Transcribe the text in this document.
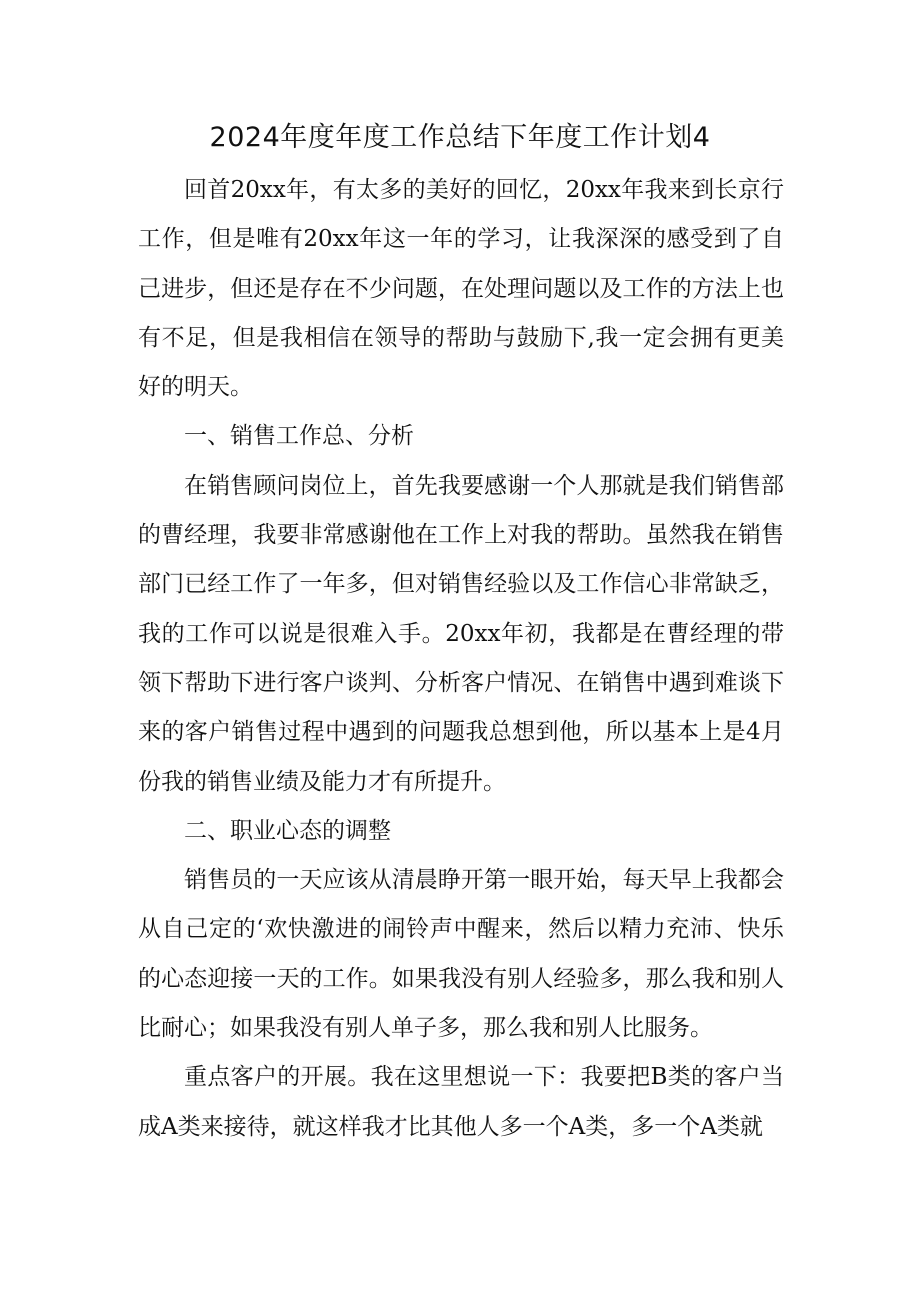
2024年度年度工作总结下年度工作计划4

回首20xx年，有太多的美好的回忆，20xx年我来到长京行工作，但是唯有20xx年这一年的学习，让我深深的感受到了自己进步，但还是存在不少问题，在处理问题以及工作的方法上也有不足，但是我相信在领导的帮助与鼓励下,我一定会拥有更美好的明天。

一、销售工作总、分析

在销售顾问岗位上，首先我要感谢一个人那就是我们销售部的曹经理，我要非常感谢他在工作上对我的帮助。虽然我在销售部门已经工作了一年多，但对销售经验以及工作信心非常缺乏，我的工作可以说是很难入手。20xx年初，我都是在曹经理的带领下帮助下进行客户谈判、分析客户情况、在销售中遇到难谈下来的客户销售过程中遇到的问题我总想到他，所以基本上是4月份我的销售业绩及能力才有所提升。

二、职业心态的调整

销售员的一天应该从清晨睁开第一眼开始，每天早上我都会从自己定的‘欢快激进的闹铃声中醒来，然后以精力充沛、快乐的心态迎接一天的工作。如果我没有别人经验多，那么我和别人比耐心；如果我没有别人单子多，那么我和别人比服务。

重点客户的开展。我在这里想说一下：我要把B类的客户当成A类来接待，就这样我才比其他人多一个A类，多一个A类就
